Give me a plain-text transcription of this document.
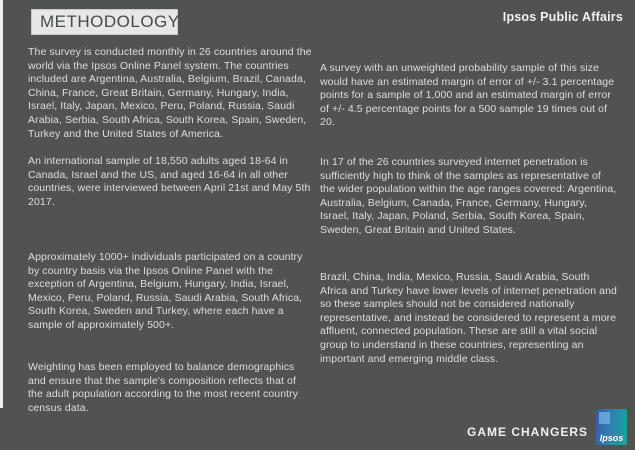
METHODOLOGY	Ipsos Public Affairs
The survey is conducted monthly in 26 countries around the world via the Ipsos Online Panel system. The countries included are Argentina, Australia, Belgium, Brazil, Canada, China, France, Great Britain, Germany, Hungary, India, Israel, Italy, Japan, Mexico, Peru, Poland, Russia, Saudi Arabia, Serbia, South Africa, South Korea, Spain, Sweden, Turkey and the United States of America.
An international sample of 18,550 adults aged 18-64 in Canada, Israel and the US, and aged 16-64 in all other countries, were interviewed between April 21st and May 5th 2017.
Approximately 1000+ individuals participated on a country by country basis via the Ipsos Online Panel with the exception of Argentina, Belgium, Hungary, India, Israel, Mexico, Peru, Poland, Russia, Saudi Arabia, South Africa, South Korea, Sweden and Turkey, where each have a sample of approximately 500+.
Weighting has been employed to balance demographics and ensure that the sample's composition reflects that of the adult population according to the most recent country census data.
A survey with an unweighted probability sample of this size would have an estimated margin of error of +/- 3.1 percentage points for a sample of 1,000 and an estimated margin of error of +/- 4.5 percentage points for a 500 sample 19 times out of 20.
In 17 of the 26 countries surveyed internet penetration is sufficiently high to think of the samples as representative of the wider population within the age ranges covered: Argentina, Australia, Belgium, Canada, France, Germany, Hungary, Israel, Italy, Japan, Poland, Serbia, South Korea, Spain, Sweden, Great Britain and United States.
Brazil, China, India, Mexico, Russia, Saudi Arabia, South Africa and Turkey have lower levels of internet penetration and so these samples should not be considered nationally representative, and instead be considered to represent a more affluent, connected population. These are still a vital social group to understand in these countries, representing an important and emerging middle class.
GAME CHANGERS	Ipsos
